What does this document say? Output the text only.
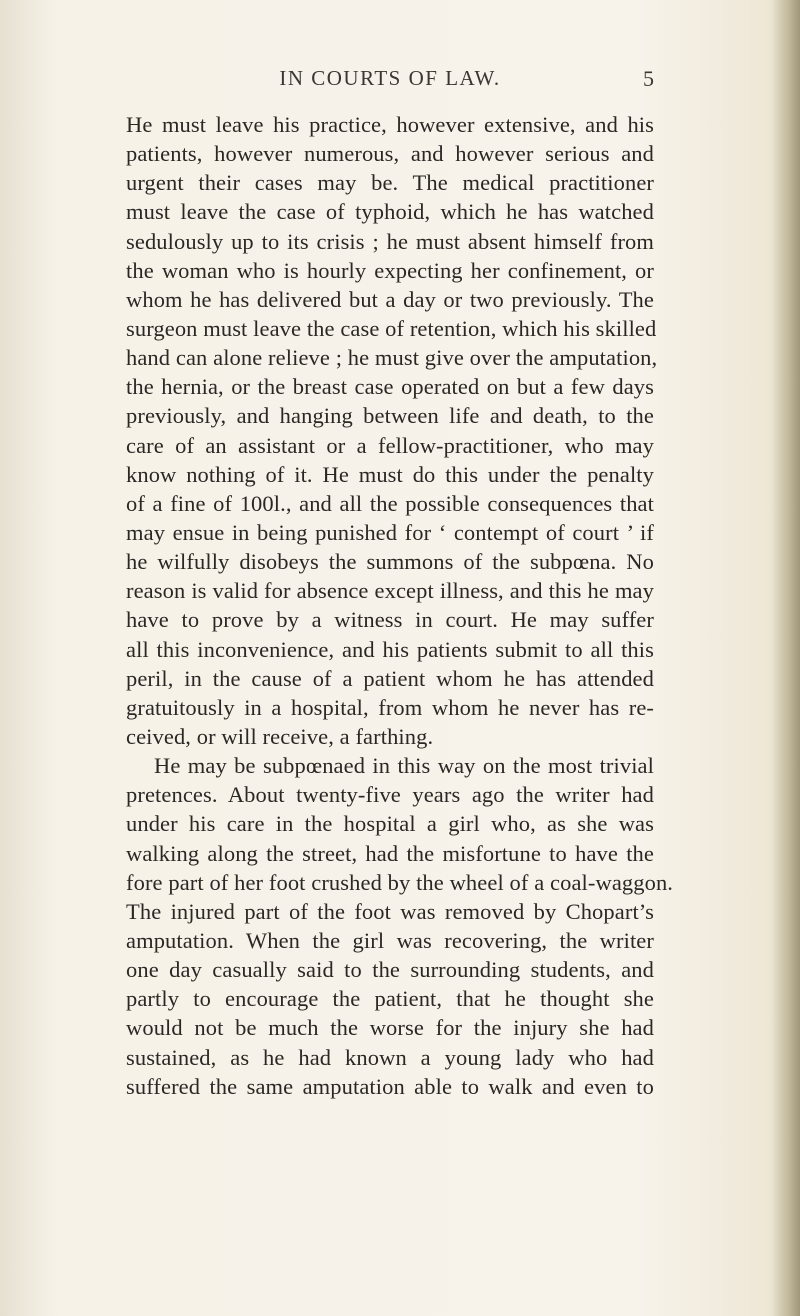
IN COURTS OF LAW.	5
He must leave his practice, however extensive, and his
patients, however numerous, and however serious and
urgent their cases may be. The medical practitioner
must leave the case of typhoid, which he has watched
sedulously up to its crisis ; he must absent himself from
the woman who is hourly expecting her confinement, or
whom he has delivered but a day or two previously. The
surgeon must leave the case of retention, which his skilled
hand can alone relieve ; he must give over the amputation,
the hernia, or the breast case operated on but a few days
previously, and hanging between life and death, to the
care of an assistant or a fellow-practitioner, who may
know nothing of it. He must do this under the penalty
of a fine of 100l., and all the possible consequences that
may ensue in being punished for ‘ contempt of court ’ if
he wilfully disobeys the summons of the subpœna. No
reason is valid for absence except illness, and this he may
have to prove by a witness in court. He may suffer
all this inconvenience, and his patients submit to all this
peril, in the cause of a patient whom he has attended
gratuitously in a hospital, from whom he never has re-
ceived, or will receive, a farthing.
He may be subpœnaed in this way on the most trivial
pretences. About twenty-five years ago the writer had
under his care in the hospital a girl who, as she was
walking along the street, had the misfortune to have the
fore part of her foot crushed by the wheel of a coal-waggon.
The injured part of the foot was removed by Chopart’s
amputation. When the girl was recovering, the writer
one day casually said to the surrounding students, and
partly to encourage the patient, that he thought she
would not be much the worse for the injury she had
sustained, as he had known a young lady who had
suffered the same amputation able to walk and even to
